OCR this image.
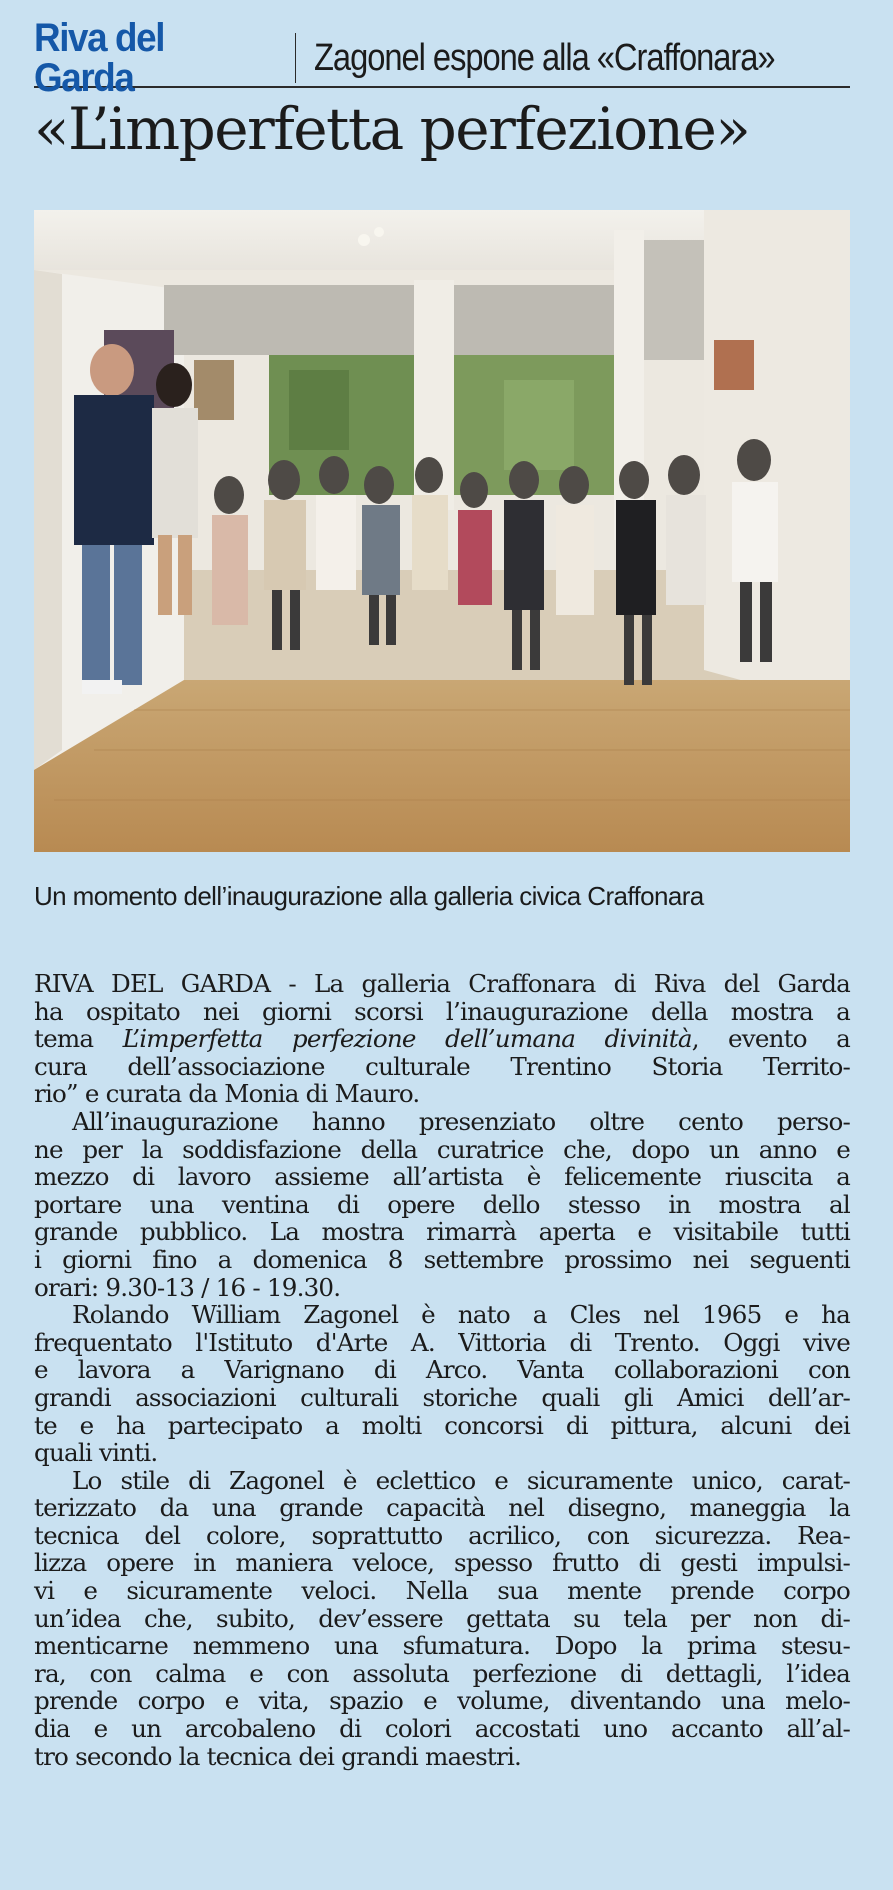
Riva del Garda	Zagonel espone alla «Craffonara»
«L’imperfetta perfezione»
Un momento dell’inaugurazione alla galleria civica Craffonara

RIVA DEL GARDA - La galleria Craffonara di Riva del Garda
ha ospitato nei giorni scorsi l’inaugurazione della mostra a
tema L’imperfetta perfezione dell’umana divinità, evento a
cura dell’associazione culturale Trentino Storia Territo-
rio” e curata da Monia di Mauro.

All’inaugurazione hanno presenziato oltre cento perso-
ne per la soddisfazione della curatrice che, dopo un anno e
mezzo di lavoro assieme all’artista è felicemente riuscita a
portare una ventina di opere dello stesso in mostra al
grande pubblico. La mostra rimarrà aperta e visitabile tutti
i giorni fino a domenica 8 settembre prossimo nei seguenti
orari: 9.30-13 / 16 - 19.30.

Rolando William Zagonel è nato a Cles nel 1965 e ha
frequentato l'Istituto d'Arte A. Vittoria di Trento. Oggi vive
e lavora a Varignano di Arco. Vanta collaborazioni con
grandi associazioni culturali storiche quali gli Amici dell’ar-
te e ha partecipato a molti concorsi di pittura, alcuni dei
quali vinti.

Lo stile di Zagonel è eclettico e sicuramente unico, carat-
terizzato da una grande capacità nel disegno, maneggia la
tecnica del colore, soprattutto acrilico, con sicurezza. Rea-
lizza opere in maniera veloce, spesso frutto di gesti impulsi-
vi e sicuramente veloci. Nella sua mente prende corpo
un’idea che, subito, dev’essere gettata su tela per non di-
menticarne nemmeno una sfumatura. Dopo la prima stesu-
ra, con calma e con assoluta perfezione di dettagli, l’idea
prende corpo e vita, spazio e volume, diventando una melo-
dia e un arcobaleno di colori accostati uno accanto all’al-
tro secondo la tecnica dei grandi maestri.
